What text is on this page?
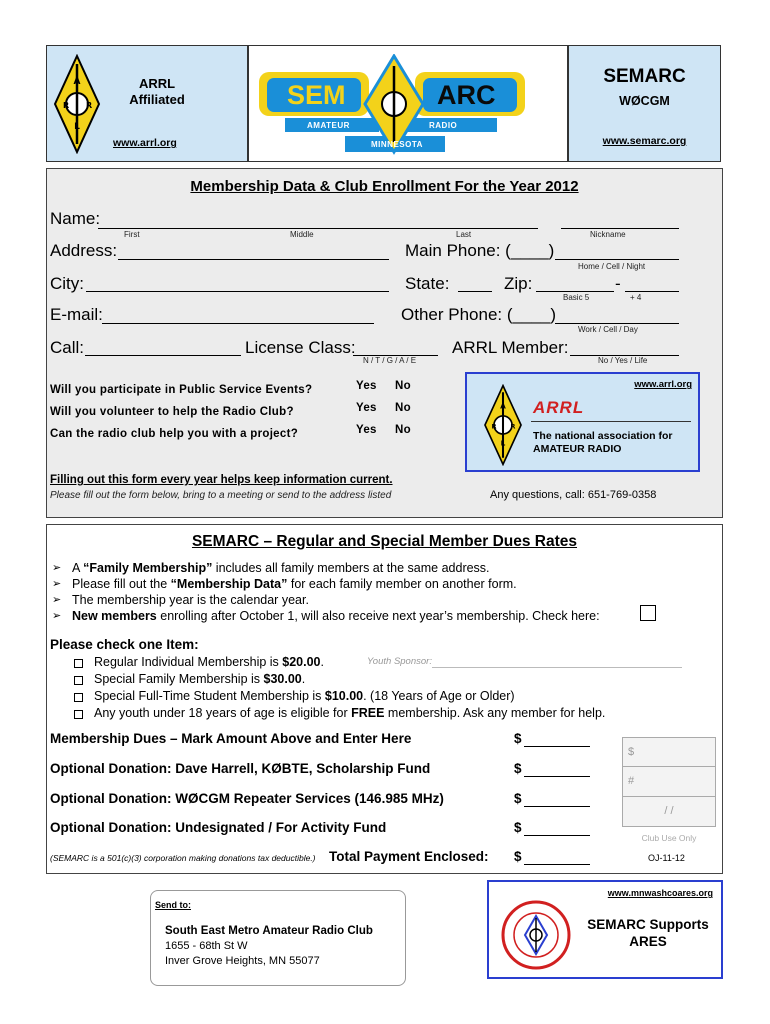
A
R R
L
ARRL
Affiliated
www.arrl.org
SEM	ARC
AMATEUR	RADIO
MINNESOTA
SEMARC
WØCGM
www.semarc.org
Membership Data & Club Enrollment For the Year 2012
Name:
First	Middle	Last	Nickname
Address:	Main Phone: (____)
Home / Cell / Night
City:	State:	Zip:	-
Basic 5	+ 4
E-mail:	Other Phone: (____)
Work / Cell / Day
Call:	License Class:
N / T / G / A / E
ARRL Member:
No / Yes / Life
Will you participate in Public Service Events?	Yes No
Will you volunteer to help the Radio Club?	Yes No
Can the radio club help you with a project?	Yes No
www.arrl.org
A
R R
L
ARRL
The national association for
AMATEUR RADIO
Filling out this form every year helps keep information current.
Please fill out the form below, bring to a meeting or send to the address listed	Any questions, call: 651-769-0358
SEMARC – Regular and Special Member Dues Rates
➢ A “Family Membership” includes all family members at the same address.
➢ Please fill out the “Membership Data” for each family member on another form.
➢ The membership year is the calendar year.
➢ New members enrolling after October 1, will also receive next year’s membership. Check here:
Please check one Item:
Regular Individual Membership is $20.00.
Special Family Membership is $30.00.
Special Full-Time Student Membership is $10.00. (18 Years of Age or Older)
Any youth under 18 years of age is eligible for FREE membership. Ask any member for help.
Youth Sponsor:
Membership Dues – Mark Amount Above and Enter Here	$
Optional Donation: Dave Harrell, KØBTE, Scholarship Fund	$
Optional Donation: WØCGM Repeater Services (146.985 MHz)	$
Optional Donation: Undesignated / For Activity Fund	$
(SEMARC is a 501(c)(3) corporation making donations tax deductible.) Total Payment Enclosed: $
$
#
/ /
Club Use Only
OJ-11-12
Send to:
South East Metro Amateur Radio Club
1655 - 68th St W
Inver Grove Heights, MN 55077
www.mnwashcoares.org
SEMARC Supports
ARES
